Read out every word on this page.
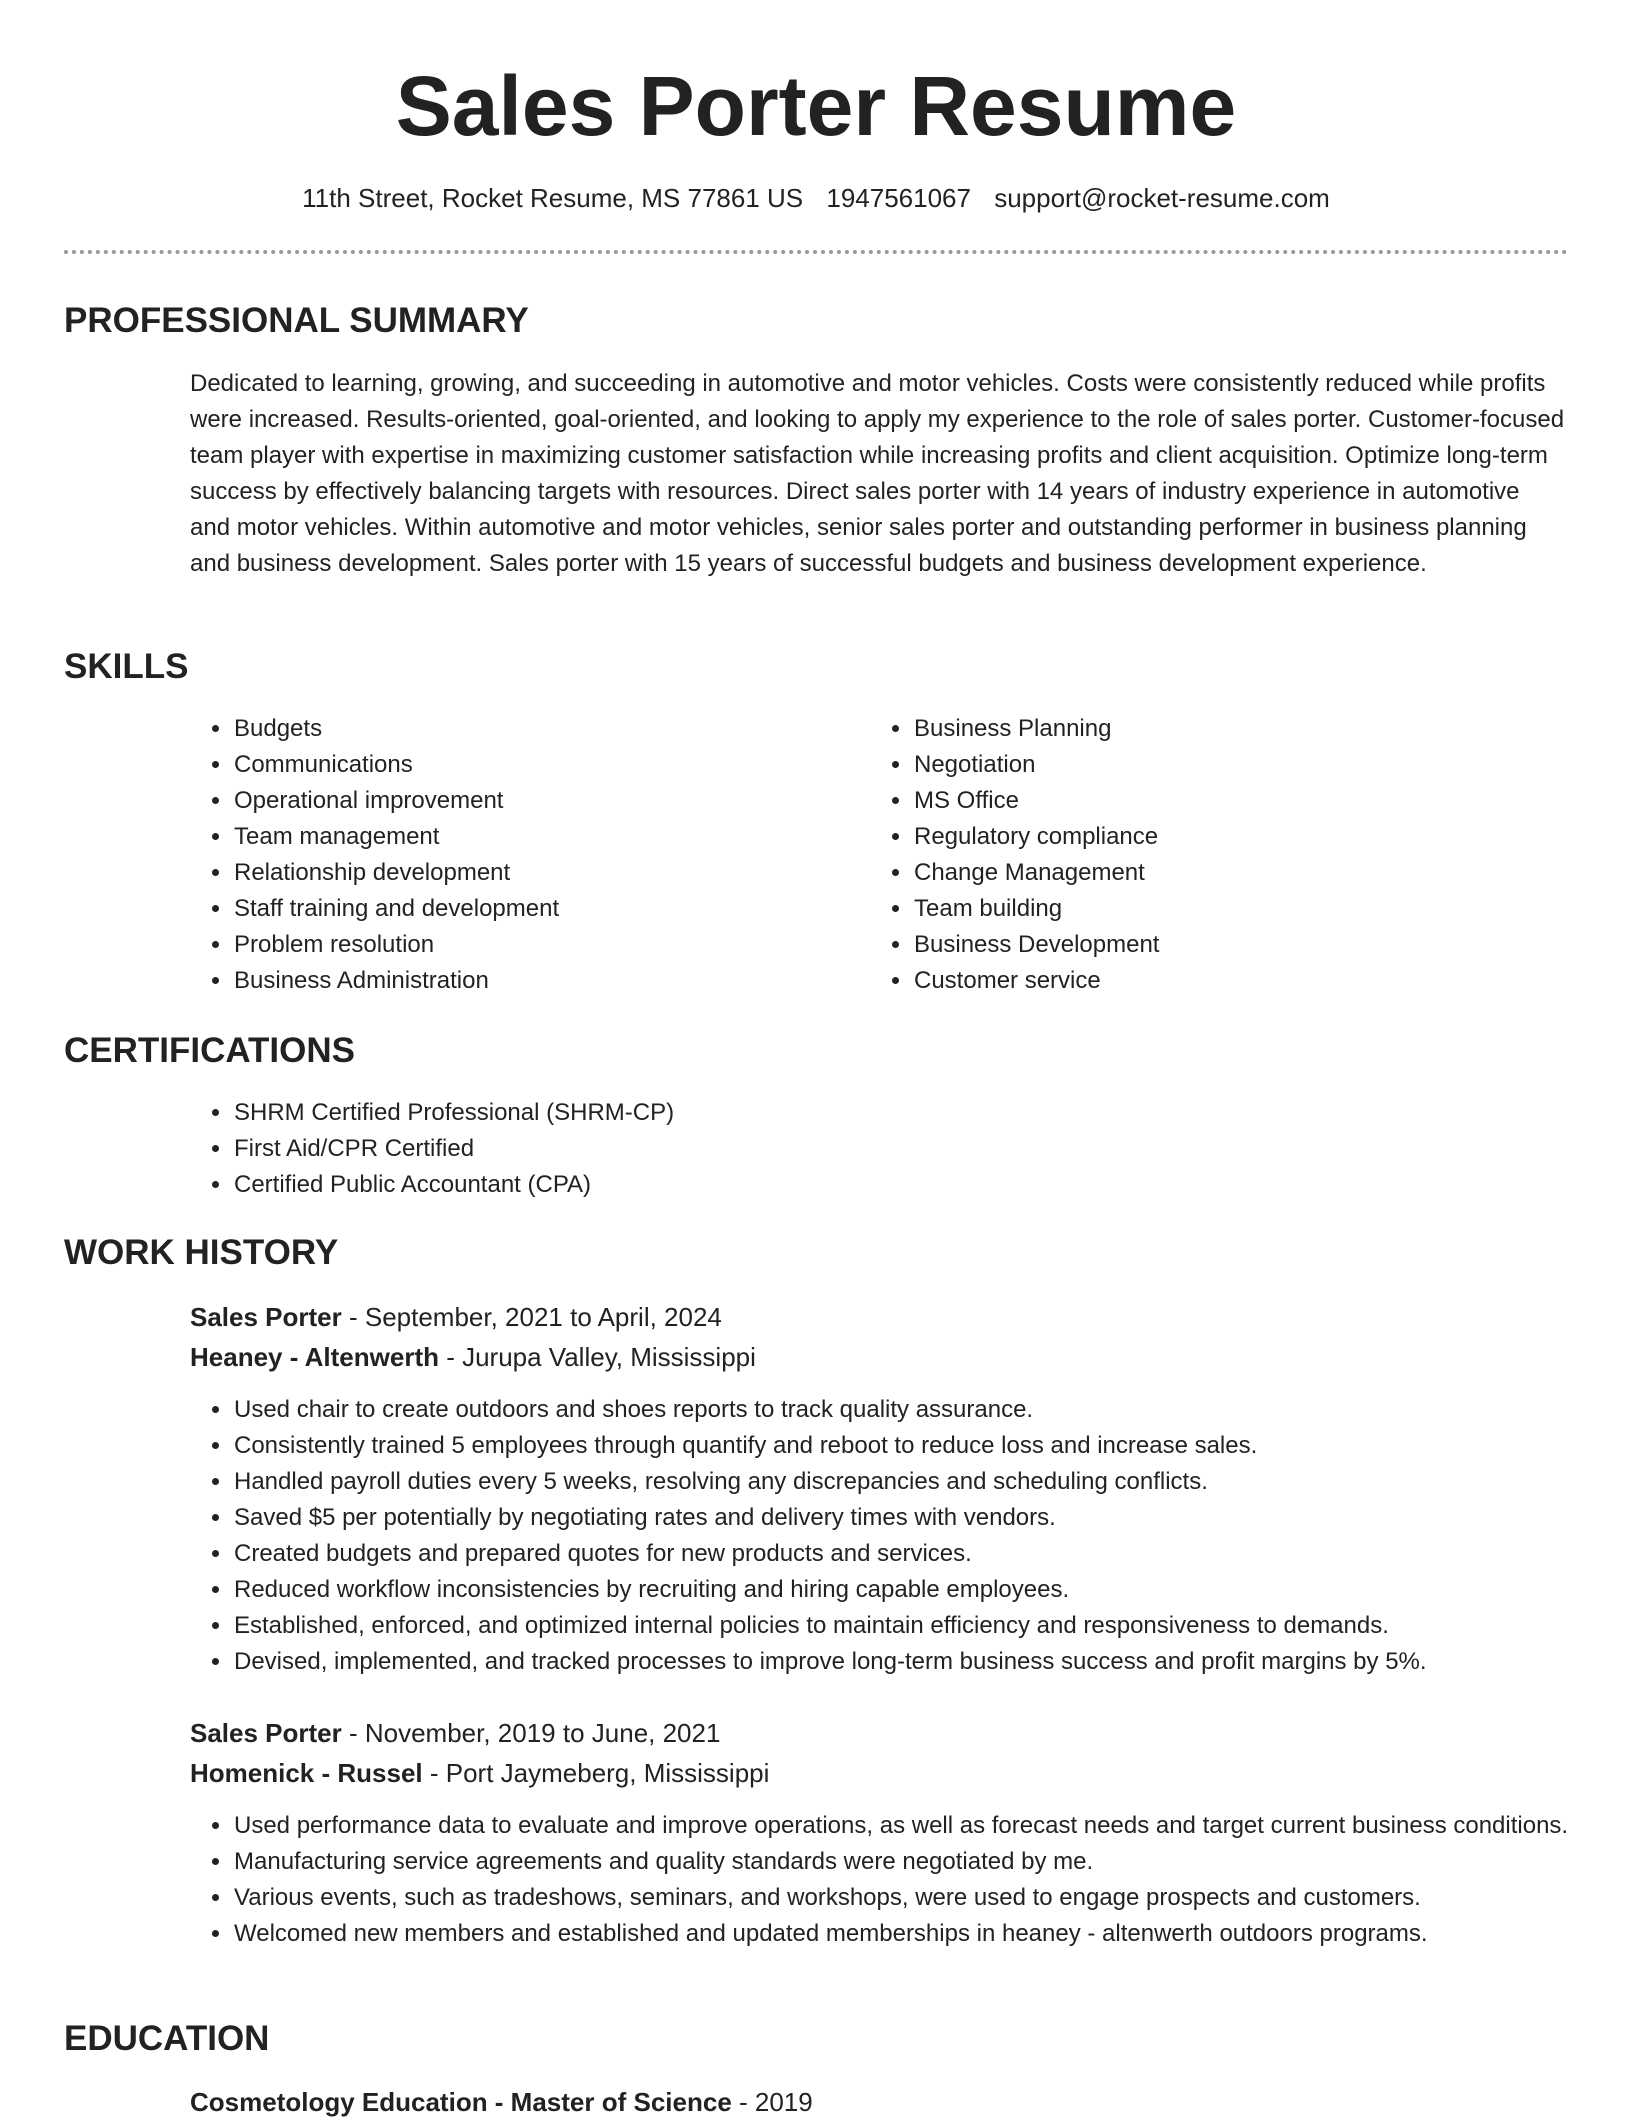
Sales Porter Resume
11th Street, Rocket Resume, MS 77861 US 1947561067 support@rocket-resume.com
PROFESSIONAL SUMMARY
Dedicated to learning, growing, and succeeding in automotive and motor vehicles. Costs were consistently reduced while profits were increased. Results-oriented, goal-oriented, and looking to apply my experience to the role of sales porter. Customer-focused team player with expertise in maximizing customer satisfaction while increasing profits and client acquisition. Optimize long-term success by effectively balancing targets with resources. Direct sales porter with 14 years of industry experience in automotive and motor vehicles. Within automotive and motor vehicles, senior sales porter and outstanding performer in business planning and business development. Sales porter with 15 years of successful budgets and business development experience.
SKILLS
• Budgets
• Communications
• Operational improvement
• Team management
• Relationship development
• Staff training and development
• Problem resolution
• Business Administration
• Business Planning
• Negotiation
• MS Office
• Regulatory compliance
• Change Management
• Team building
• Business Development
• Customer service
CERTIFICATIONS
• SHRM Certified Professional (SHRM-CP)
• First Aid/CPR Certified
• Certified Public Accountant (CPA)
WORK HISTORY
Sales Porter - September, 2021 to April, 2024
Heaney - Altenwerth - Jurupa Valley, Mississippi
• Used chair to create outdoors and shoes reports to track quality assurance.
• Consistently trained 5 employees through quantify and reboot to reduce loss and increase sales.
• Handled payroll duties every 5 weeks, resolving any discrepancies and scheduling conflicts.
• Saved $5 per potentially by negotiating rates and delivery times with vendors.
• Created budgets and prepared quotes for new products and services.
• Reduced workflow inconsistencies by recruiting and hiring capable employees.
• Established, enforced, and optimized internal policies to maintain efficiency and responsiveness to demands.
• Devised, implemented, and tracked processes to improve long-term business success and profit margins by 5%.
Sales Porter - November, 2019 to June, 2021
Homenick - Russel - Port Jaymeberg, Mississippi
• Used performance data to evaluate and improve operations, as well as forecast needs and target current business conditions.
• Manufacturing service agreements and quality standards were negotiated by me.
• Various events, such as tradeshows, seminars, and workshops, were used to engage prospects and customers.
• Welcomed new members and established and updated memberships in heaney - altenwerth outdoors programs.
EDUCATION
Cosmetology Education - Master of Science - 2019
